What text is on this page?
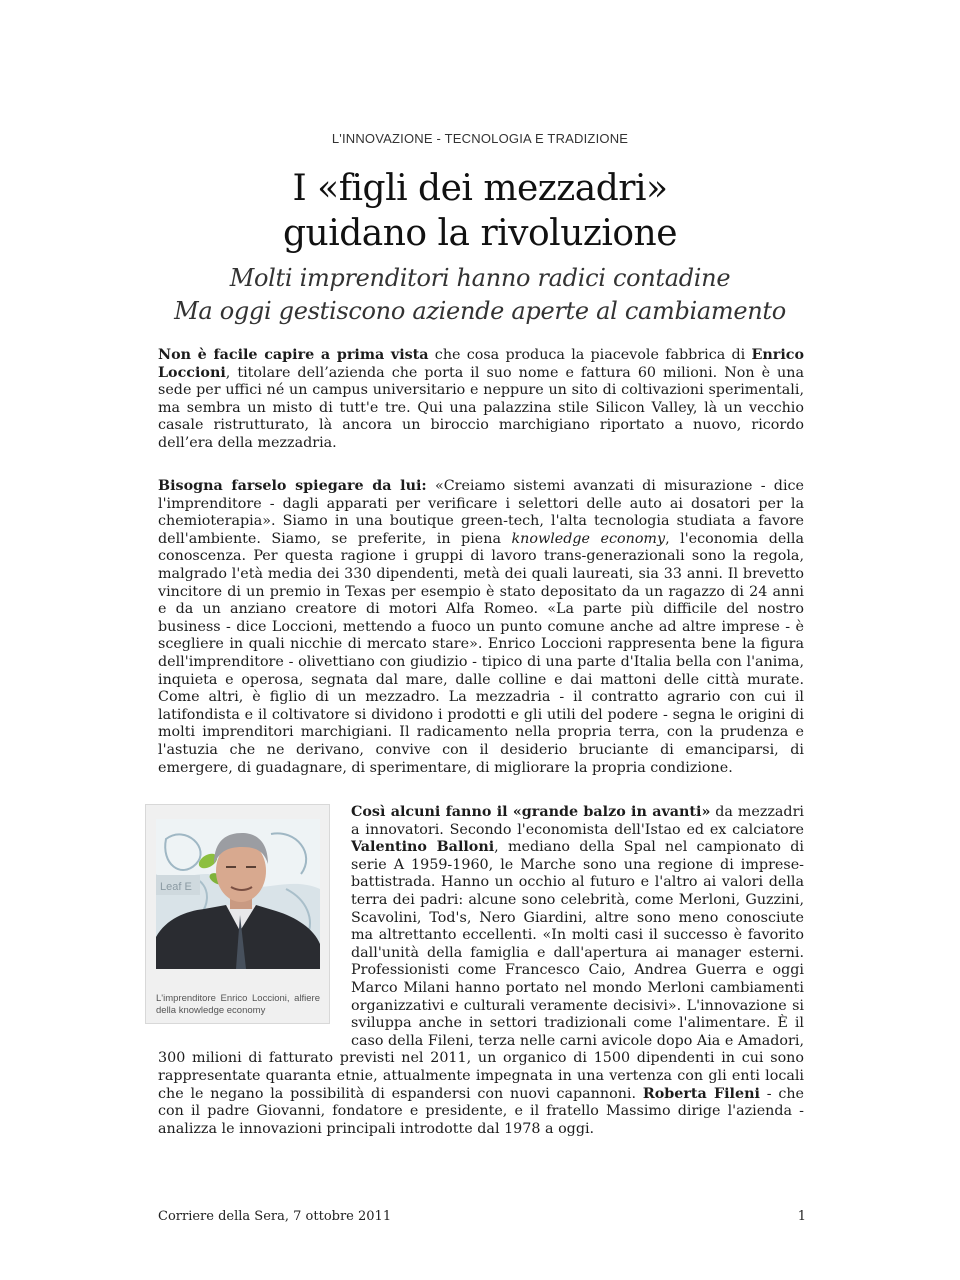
L'INNOVAZIONE - TECNOLOGIA E TRADIZIONE
I «figli dei mezzadri»
guidano la rivoluzione
Molti imprenditori hanno radici contadine
Ma oggi gestiscono aziende aperte al cambiamento
Non è facile capire a prima vista che cosa produca la piacevole fabbrica di Enrico Loccioni, titolare dell’azienda che porta il suo nome e fattura 60 milioni. Non è una sede per uffici né un campus universitario e neppure un sito di coltivazioni sperimentali, ma sembra un misto di tutt'e tre. Qui una palazzina stile Silicon Valley, là un vecchio casale ristrutturato, là ancora un biroccio marchigiano riportato a nuovo, ricordo dell’era della mezzadria.
Bisogna farselo spiegare da lui: «Creiamo sistemi avanzati di misurazione - dice l'imprenditore - dagli apparati per verificare i selettori delle auto ai dosatori per la chemioterapia». Siamo in una boutique green-tech, l'alta tecnologia studiata a favore dell'ambiente. Siamo, se preferite, in piena knowledge economy, l'economia della conoscenza. Per questa ragione i gruppi di lavoro trans-generazionali sono la regola, malgrado l'età media dei 330 dipendenti, metà dei quali laureati, sia 33 anni. Il brevetto vincitore di un premio in Texas per esempio è stato depositato da un ragazzo di 24 anni e da un anziano creatore di motori Alfa Romeo. «La parte più difficile del nostro business - dice Loccioni, mettendo a fuoco un punto comune anche ad altre imprese - è scegliere in quali nicchie di mercato stare». Enrico Loccioni rappresenta bene la figura dell'imprenditore - olivettiano con giudizio - tipico di una parte d'Italia bella con l'anima, inquieta e operosa, segnata dal mare, dalle colline e dai mattoni delle città murate. Come altri, è figlio di un mezzadro. La mezzadria - il contratto agrario con cui il latifondista e il coltivatore si dividono i prodotti e gli utili del podere - segna le origini di molti imprenditori marchigiani. Il radicamento nella propria terra, con la prudenza e l'astuzia che ne derivano, convive con il desiderio bruciante di emanciparsi, di emergere, di guadagnare, di sperimentare, di migliorare la propria condizione.
Così alcuni fanno il «grande balzo in avanti» da mezzadri a innovatori. Secondo l'economista dell'Istao ed ex calciatore Valentino Balloni, mediano della Spal nel campionato di serie A 1959-1960, le Marche sono una regione di imprese-battistrada. Hanno un occhio al futuro e l'altro ai valori della terra dei padri: alcune sono celebrità, come Merloni, Guzzini, Scavolini, Tod's, Nero Giardini, altre sono meno conosciute ma altrettanto eccellenti. «In molti casi il successo è favorito dall'unità della famiglia e dall'apertura ai manager esterni. Professionisti come Francesco Caio, Andrea Guerra e oggi Marco Milani hanno portato nel mondo Merloni cambiamenti organizzativi e culturali veramente decisivi». L'innovazione si sviluppa anche in settori tradizionali come l'alimentare. È il caso della Fileni, terza nelle carni avicole dopo Aia e Amadori, 300 milioni di fatturato previsti nel 2011, un organico di 1500 dipendenti in cui sono rappresentate quaranta etnie, attualmente impegnata in una vertenza con gli enti locali che le negano la possibilità di espandersi con nuovi capannoni. Roberta Fileni - che con il padre Giovanni, fondatore e presidente, e il fratello Massimo dirige l'azienda - analizza le innovazioni principali introdotte dal 1978 a oggi.
Leaf E
L'imprenditore Enrico Loccioni, alfiere della knowledge economy
Corriere della Sera, 7 ottobre 2011	1
